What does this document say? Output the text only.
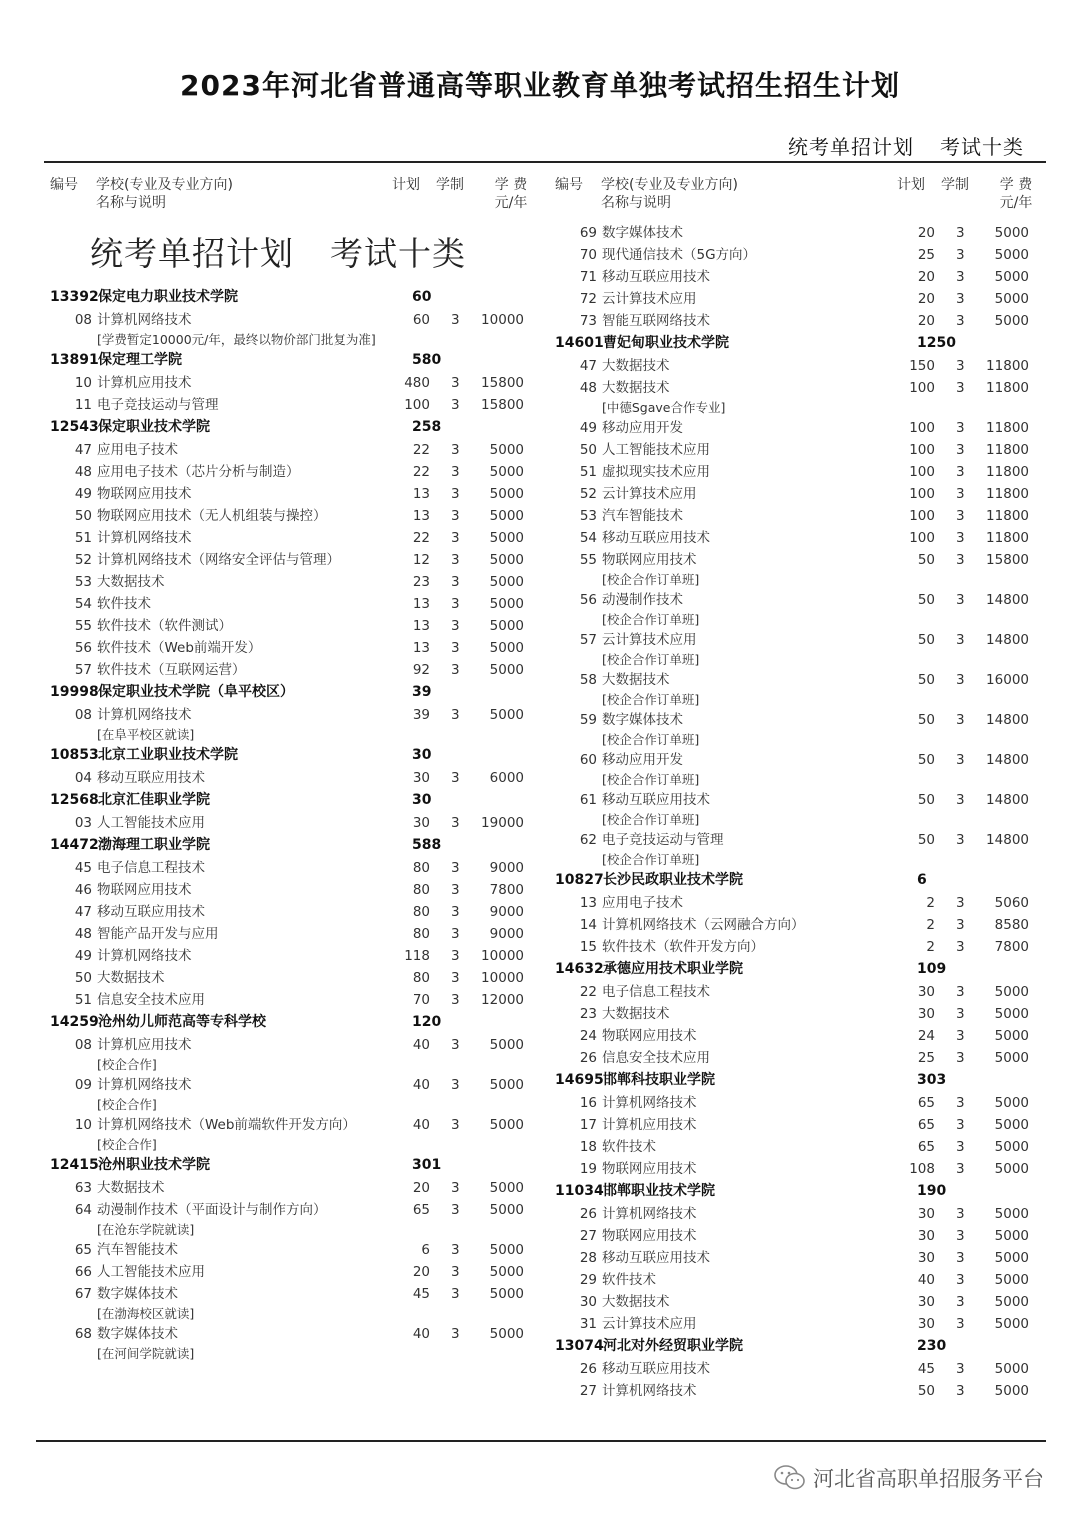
2023年河北省普通高等职业教育单独考试招生招生计划
统考单招计划 考试十类
编号 学校(专业及专业方向)
名称与说明
计划 学制	学 费
元/年
统考单招计划 考试十类
13392 保定电力职业技术学院	60
08 计算机网络技术	60 3	10000
[学费暂定10000元/年，最终以物价部门批复为准]
13891 保定理工学院	580
10 计算机应用技术	480 3	15800
11 电子竞技运动与管理	100 3	15800
12543 保定职业技术学院	258
47 应用电子技术	22 3	5000
48 应用电子技术（芯片分析与制造）	22 3	5000
49 物联网应用技术	13 3	5000
50 物联网应用技术（无人机组装与操控）	13 3	5000
51 计算机网络技术	22 3	5000
52 计算机网络技术（网络安全评估与管理）	12 3	5000
53 大数据技术	23 3	5000
54 软件技术	13 3	5000
55 软件技术（软件测试）	13 3	5000
56 软件技术（Web前端开发）	13 3	5000
57 软件技术（互联网运营）	92 3	5000
19998 保定职业技术学院（阜平校区）	39
08 计算机网络技术	39 3	5000
[在阜平校区就读]
10853 北京工业职业技术学院	30
04 移动互联应用技术	30 3	6000
12568 北京汇佳职业学院	30
03 人工智能技术应用	30 3	19000
14472 渤海理工职业学院	588
45 电子信息工程技术	80 3	9000
46 物联网应用技术	80 3	7800
47 移动互联应用技术	80 3	9000
48 智能产品开发与应用	80 3	9000
49 计算机网络技术	118 3	10000
50 大数据技术	80 3	10000
51 信息安全技术应用	70 3	12000
14259 沧州幼儿师范高等专科学校	120
08 计算机应用技术	40 3	5000
[校企合作]
09 计算机网络技术	40 3	5000
[校企合作]
10 计算机网络技术（Web前端软件开发方向）	40 3	5000
[校企合作]
12415 沧州职业技术学院	301
63 大数据技术	20 3	5000
64 动漫制作技术（平面设计与制作方向）	65 3	5000
[在沧东学院就读]
65 汽车智能技术	6 3	5000
66 人工智能技术应用	20 3	5000
67 数字媒体技术	45 3	5000
[在渤海校区就读]
68 数字媒体技术	40 3	5000
[在河间学院就读]
编号 学校(专业及专业方向)
名称与说明
计划 学制	学 费
元/年
69 数字媒体技术	20 3	5000
70 现代通信技术（5G方向）	25 3	5000
71 移动互联应用技术	20 3	5000
72 云计算技术应用	20 3	5000
73 智能互联网络技术	20 3	5000
14601 曹妃甸职业技术学院	1250
47 大数据技术	150 3	11800
48 大数据技术	100 3	11800
[中德Sgave合作专业]
49 移动应用开发	100 3	11800
50 人工智能技术应用	100 3	11800
51 虚拟现实技术应用	100 3	11800
52 云计算技术应用	100 3	11800
53 汽车智能技术	100 3	11800
54 移动互联应用技术	100 3	11800
55 物联网应用技术	50 3	15800
[校企合作订单班]
56 动漫制作技术	50 3	14800
[校企合作订单班]
57 云计算技术应用	50 3	14800
[校企合作订单班]
58 大数据技术	50 3	16000
[校企合作订单班]
59 数字媒体技术	50 3	14800
[校企合作订单班]
60 移动应用开发	50 3	14800
[校企合作订单班]
61 移动互联应用技术	50 3	14800
[校企合作订单班]
62 电子竞技运动与管理	50 3	14800
[校企合作订单班]
10827 长沙民政职业技术学院	6
13 应用电子技术	2 3	5060
14 计算机网络技术（云网融合方向）	2 3	8580
15 软件技术（软件开发方向）	2 3	7800
14632 承德应用技术职业学院	109
22 电子信息工程技术	30 3	5000
23 大数据技术	30 3	5000
24 物联网应用技术	24 3	5000
26 信息安全技术应用	25 3	5000
14695 邯郸科技职业学院	303
16 计算机网络技术	65 3	5000
17 计算机应用技术	65 3	5000
18 软件技术	65 3	5000
19 物联网应用技术	108 3	5000
11034 邯郸职业技术学院	190
26 计算机网络技术	30 3	5000
27 物联网应用技术	30 3	5000
28 移动互联应用技术	30 3	5000
29 软件技术	40 3	5000
30 大数据技术	30 3	5000
31 云计算技术应用	30 3	5000
13074 河北对外经贸职业学院	230
26 移动互联应用技术	45 3	5000
27 计算机网络技术	50 3	5000
河北省高职单招服务平台
